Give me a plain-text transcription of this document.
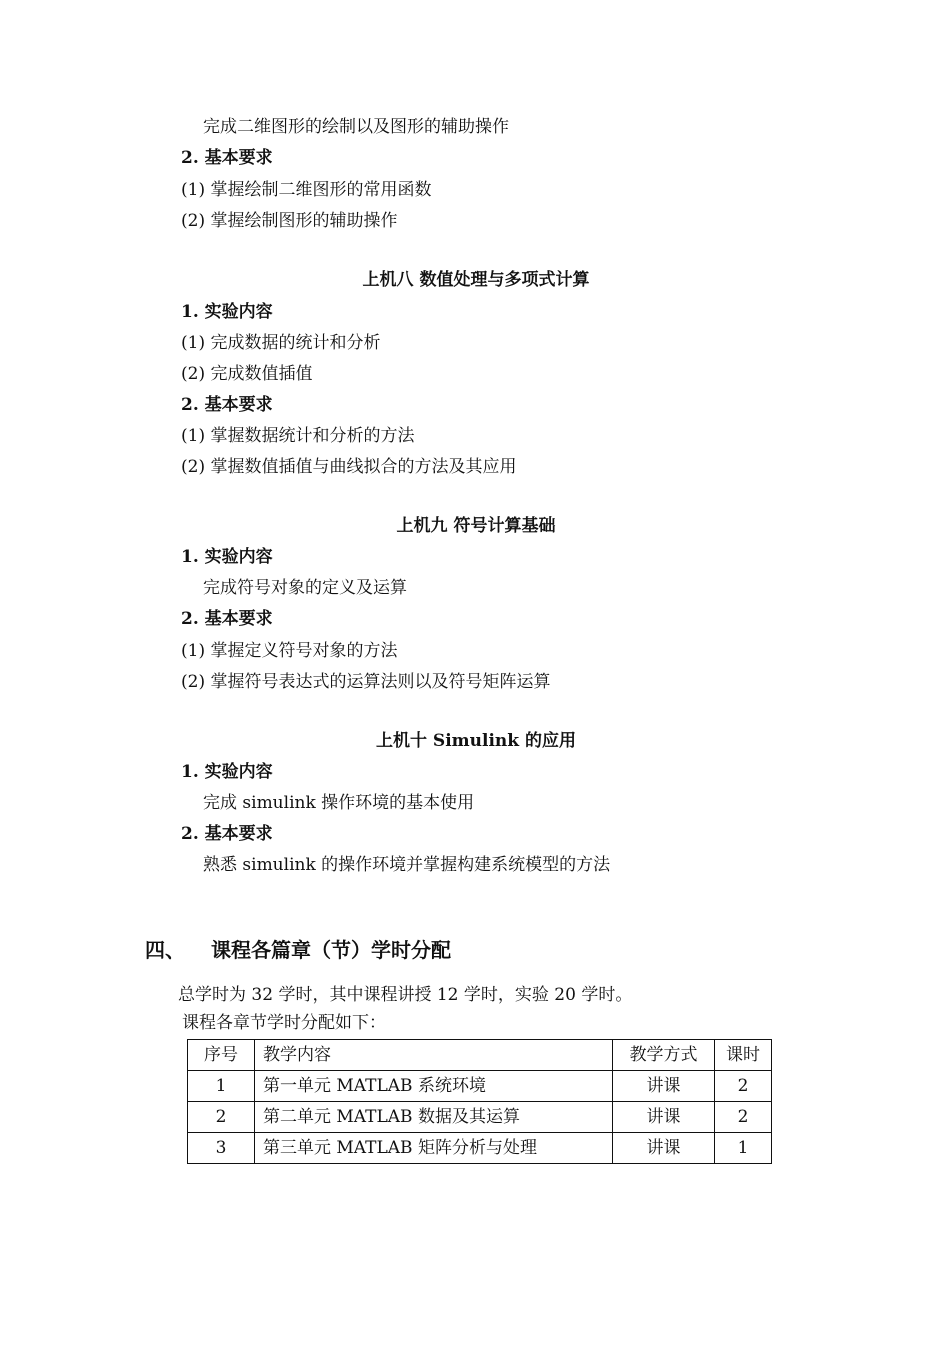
完成二维图形的绘制以及图形的辅助操作
2. 基本要求
(1) 掌握绘制二维图形的常用函数
(2) 掌握绘制图形的辅助操作
上机八 数值处理与多项式计算
1. 实验内容
(1) 完成数据的统计和分析
(2) 完成数值插值
2. 基本要求
(1) 掌握数据统计和分析的方法
(2) 掌握数值插值与曲线拟合的方法及其应用
上机九 符号计算基础
1. 实验内容
完成符号对象的定义及运算
2. 基本要求
(1) 掌握定义符号对象的方法
(2) 掌握符号表达式的运算法则以及符号矩阵运算
上机十 Simulink 的应用
1. 实验内容
完成 simulink 操作环境的基本使用
2. 基本要求
熟悉 simulink 的操作环境并掌握构建系统模型的方法
四、 课程各篇章（节）学时分配
总学时为 32 学时，其中课程讲授 12 学时，实验 20 学时。
课程各章节学时分配如下：
序号	教学内容	教学方式	课时
1	第一单元 MATLAB 系统环境	讲课	2
2	第二单元 MATLAB 数据及其运算	讲课	2
3	第三单元 MATLAB 矩阵分析与处理	讲课	1
